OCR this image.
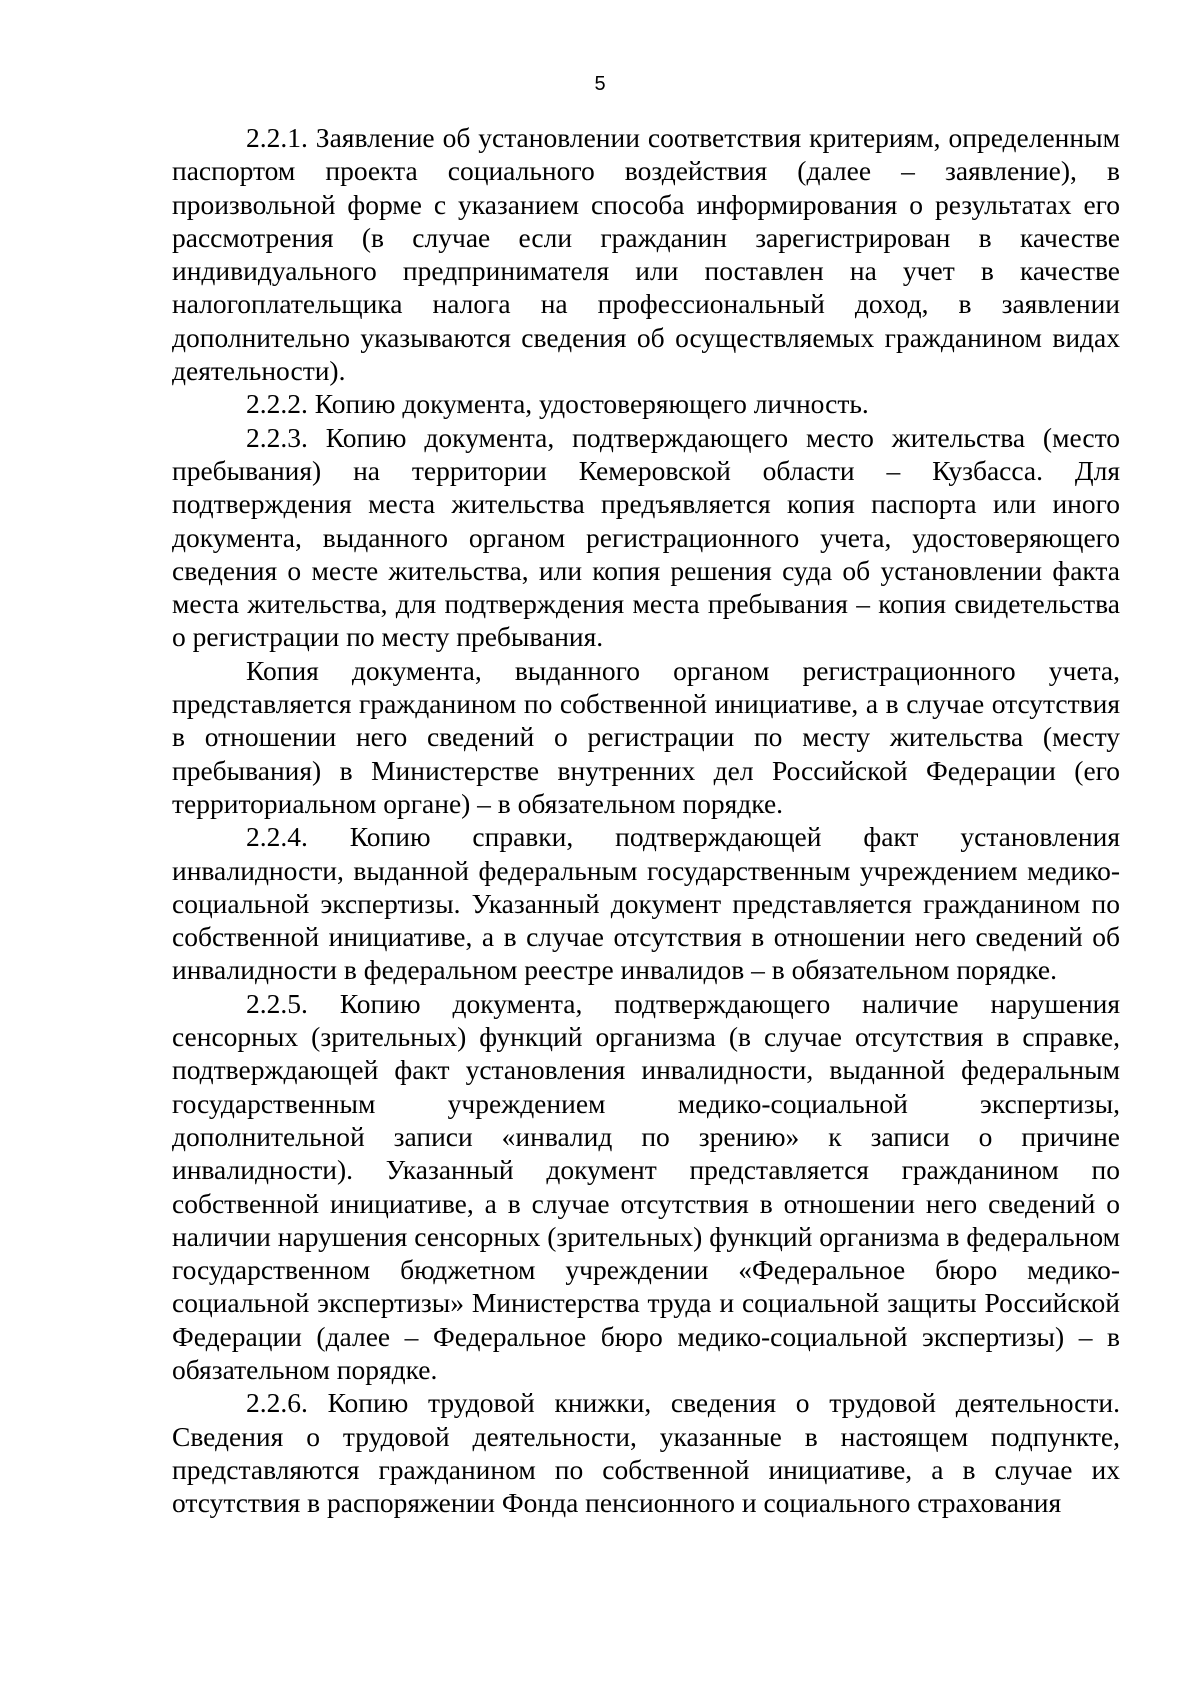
5

2.2.1. Заявление об установлении соответствия критериям, определенным паспортом проекта социального воздействия (далее – заявление), в произвольной форме с указанием способа информирования о результатах его рассмотрения (в случае если гражданин зарегистрирован в качестве индивидуального предпринимателя или поставлен на учет в качестве налогоплательщика налога на профессиональный доход, в заявлении дополнительно указываются сведения об осуществляемых гражданином видах деятельности).

2.2.2. Копию документа, удостоверяющего личность.

2.2.3. Копию документа, подтверждающего место жительства (место пребывания) на территории Кемеровской области – Кузбасса. Для подтверждения места жительства предъявляется копия паспорта или иного документа, выданного органом регистрационного учета, удостоверяющего сведения о месте жительства, или копия решения суда об установлении факта места жительства, для подтверждения места пребывания – копия свидетельства о регистрации по месту пребывания.

Копия документа, выданного органом регистрационного учета, представляется гражданином по собственной инициативе, а в случае отсутствия в отношении него сведений о регистрации по месту жительства (месту пребывания) в Министерстве внутренних дел Российской Федерации (его территориальном органе) – в обязательном порядке.

2.2.4. Копию справки, подтверждающей факт установления инвалидности, выданной федеральным государственным учреждением медико-социальной экспертизы. Указанный документ представляется гражданином по собственной инициативе, а в случае отсутствия в отношении него сведений об инвалидности в федеральном реестре инвалидов – в обязательном порядке.

2.2.5. Копию документа, подтверждающего наличие нарушения сенсорных (зрительных) функций организма (в случае отсутствия в справке, подтверждающей факт установления инвалидности, выданной федеральным государственным учреждением медико-социальной экспертизы, дополнительной записи «инвалид по зрению» к записи о причине инвалидности). Указанный документ представляется гражданином по собственной инициативе, а в случае отсутствия в отношении него сведений о наличии нарушения сенсорных (зрительных) функций организма в федеральном государственном бюджетном учреждении «Федеральное бюро медико-социальной экспертизы» Министерства труда и социальной защиты Российской Федерации (далее – Федеральное бюро медико-социальной экспертизы) – в обязательном порядке.

2.2.6. Копию трудовой книжки, сведения о трудовой деятельности. Сведения о трудовой деятельности, указанные в настоящем подпункте, представляются гражданином по собственной инициативе, а в случае их отсутствия в распоряжении Фонда пенсионного и социального страхования
